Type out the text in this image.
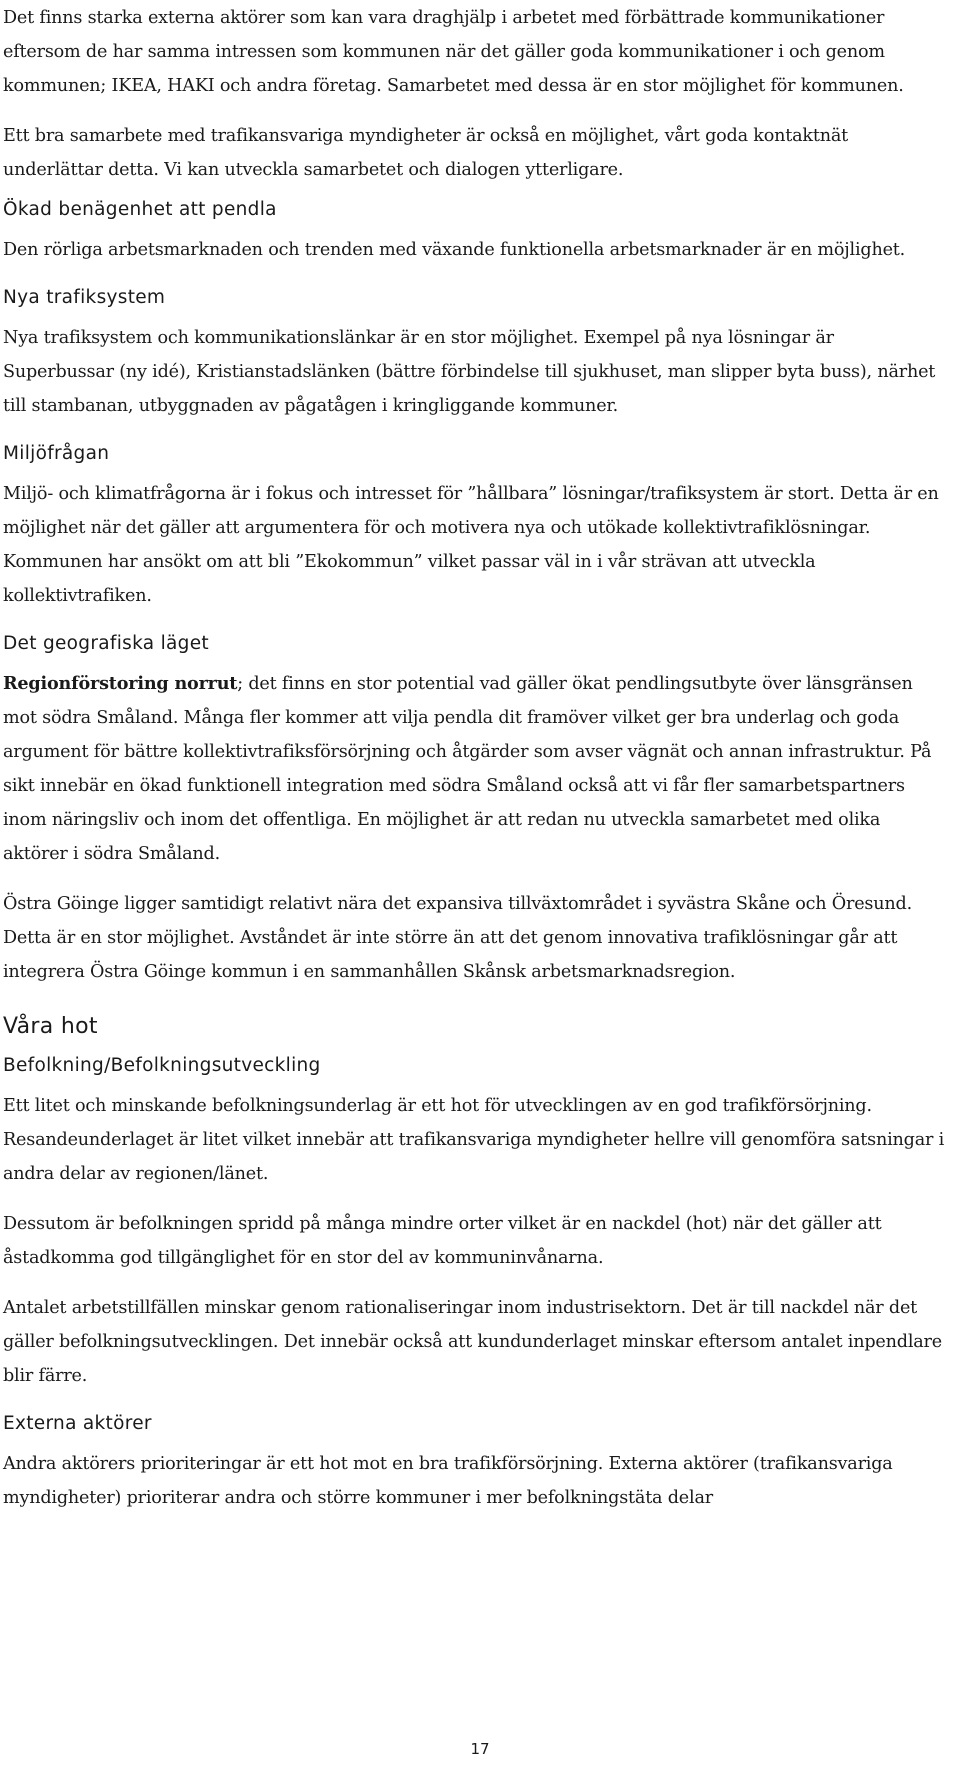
Det finns starka externa aktörer som kan vara draghjälp i arbetet med förbättrade kommunikationer eftersom de har samma intressen som kommunen när det gäller goda kommunikationer i och genom kommunen; IKEA, HAKI och andra företag. Samarbetet med dessa är en stor möjlighet för kommunen.

Ett bra samarbete med trafikansvariga myndigheter är också en möjlighet, vårt goda kontaktnät underlättar detta. Vi kan utveckla samarbetet och dialogen ytterligare.

Ökad benägenhet att pendla

Den rörliga arbetsmarknaden och trenden med växande funktionella arbetsmarknader är en möjlighet.

Nya trafiksystem

Nya trafiksystem och kommunikationslänkar är en stor möjlighet. Exempel på nya lösningar är Superbussar (ny idé), Kristianstadslänken (bättre förbindelse till sjukhuset, man slipper byta buss), närhet till stambanan, utbyggnaden av pågatågen i kringliggande kommuner.

Miljöfrågan

Miljö- och klimatfrågorna är i fokus och intresset för ”hållbara” lösningar/trafiksystem är stort. Detta är en möjlighet när det gäller att argumentera för och motivera nya och utökade kollektivtrafiklösningar. Kommunen har ansökt om att bli ”Ekokommun” vilket passar väl in i vår strävan att utveckla kollektivtrafiken.

Det geografiska läget

Regionförstoring norrut; det finns en stor potential vad gäller ökat pendlingsutbyte över länsgränsen mot södra Småland. Många fler kommer att vilja pendla dit framöver vilket ger bra underlag och goda argument för bättre kollektivtrafiksförsörjning och åtgärder som avser vägnät och annan infrastruktur. På sikt innebär en ökad funktionell integration med södra Småland också att vi får fler samarbetspartners inom näringsliv och inom det offentliga. En möjlighet är att redan nu utveckla samarbetet med olika aktörer i södra Småland.

Östra Göinge ligger samtidigt relativt nära det expansiva tillväxtområdet i syvästra Skåne och Öresund. Detta är en stor möjlighet. Avståndet är inte större än att det genom innovativa trafiklösningar går att integrera Östra Göinge kommun i en sammanhållen Skånsk arbetsmarknadsregion.

Våra hot
Befolkning/Befolkningsutveckling

Ett litet och minskande befolkningsunderlag är ett hot för utvecklingen av en god trafikförsörjning. Resandeunderlaget är litet vilket innebär att trafikansvariga myndigheter hellre vill genomföra satsningar i andra delar av regionen/länet.

Dessutom är befolkningen spridd på många mindre orter vilket är en nackdel (hot) när det gäller att åstadkomma god tillgänglighet för en stor del av kommuninvånarna.

Antalet arbetstillfällen minskar genom rationaliseringar inom industrisektorn. Det är till nackdel när det gäller befolkningsutvecklingen. Det innebär också att kundunderlaget minskar eftersom antalet inpendlare blir färre.

Externa aktörer

Andra aktörers prioriteringar är ett hot mot en bra trafikförsörjning. Externa aktörer (trafikansvariga myndigheter) prioriterar andra och större kommuner i mer befolkningstäta delar

17
